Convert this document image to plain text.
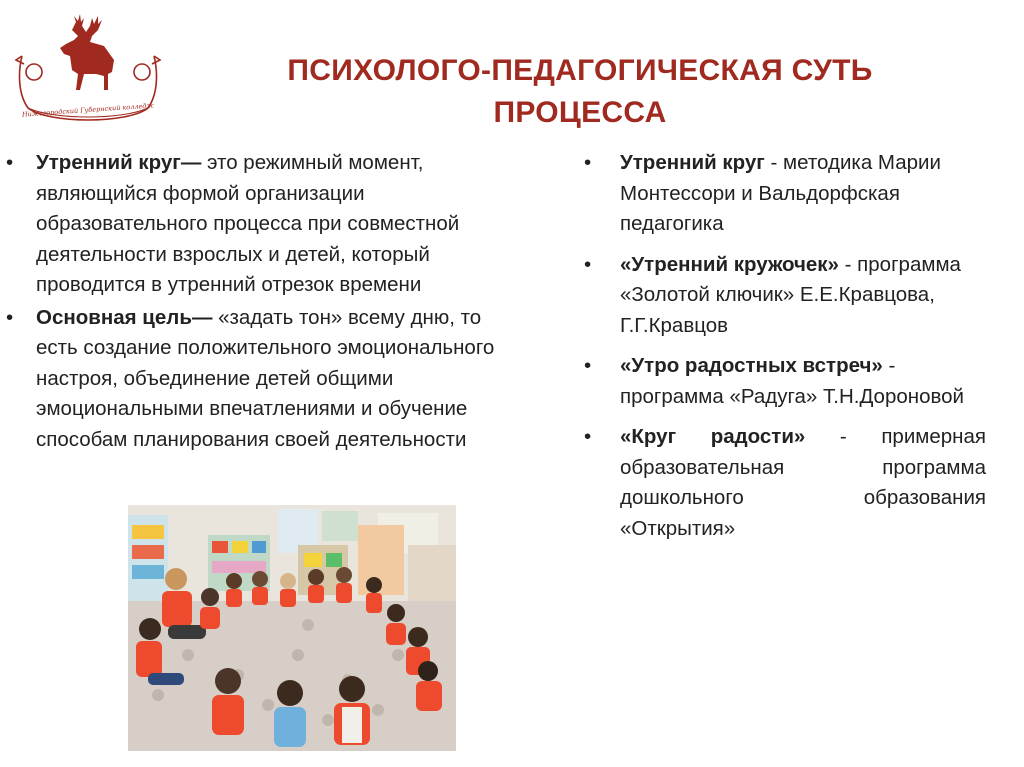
Нижегородский Губернский колледж
ПСИХОЛОГО-ПЕДАГОГИЧЕСКАЯ СУТЬ
ПРОЦЕССА
• Утренний круг— это режимный момент, являющийся формой организации образовательного процесса при совместной деятельности взрослых и детей, который проводится в утренний отрезок времени
• Основная цель— «задать тон» всему дню, то есть создание положительного эмоционального настроя, объединение детей общими эмоциональными впечатлениями и обучение способам планирования своей деятельности
• Утренний круг - методика Марии Монтессори и Вальдорфская педагогика
• «Утренний кружочек» - программа «Золотой ключик» Е.Е.Кравцова, Г.Г.Кравцов
• «Утро радостных встреч» - программа «Радуга» Т.Н.Дороновой
• «Круг радости» - примерная образовательная программа дошкольного образования «Открытия»
